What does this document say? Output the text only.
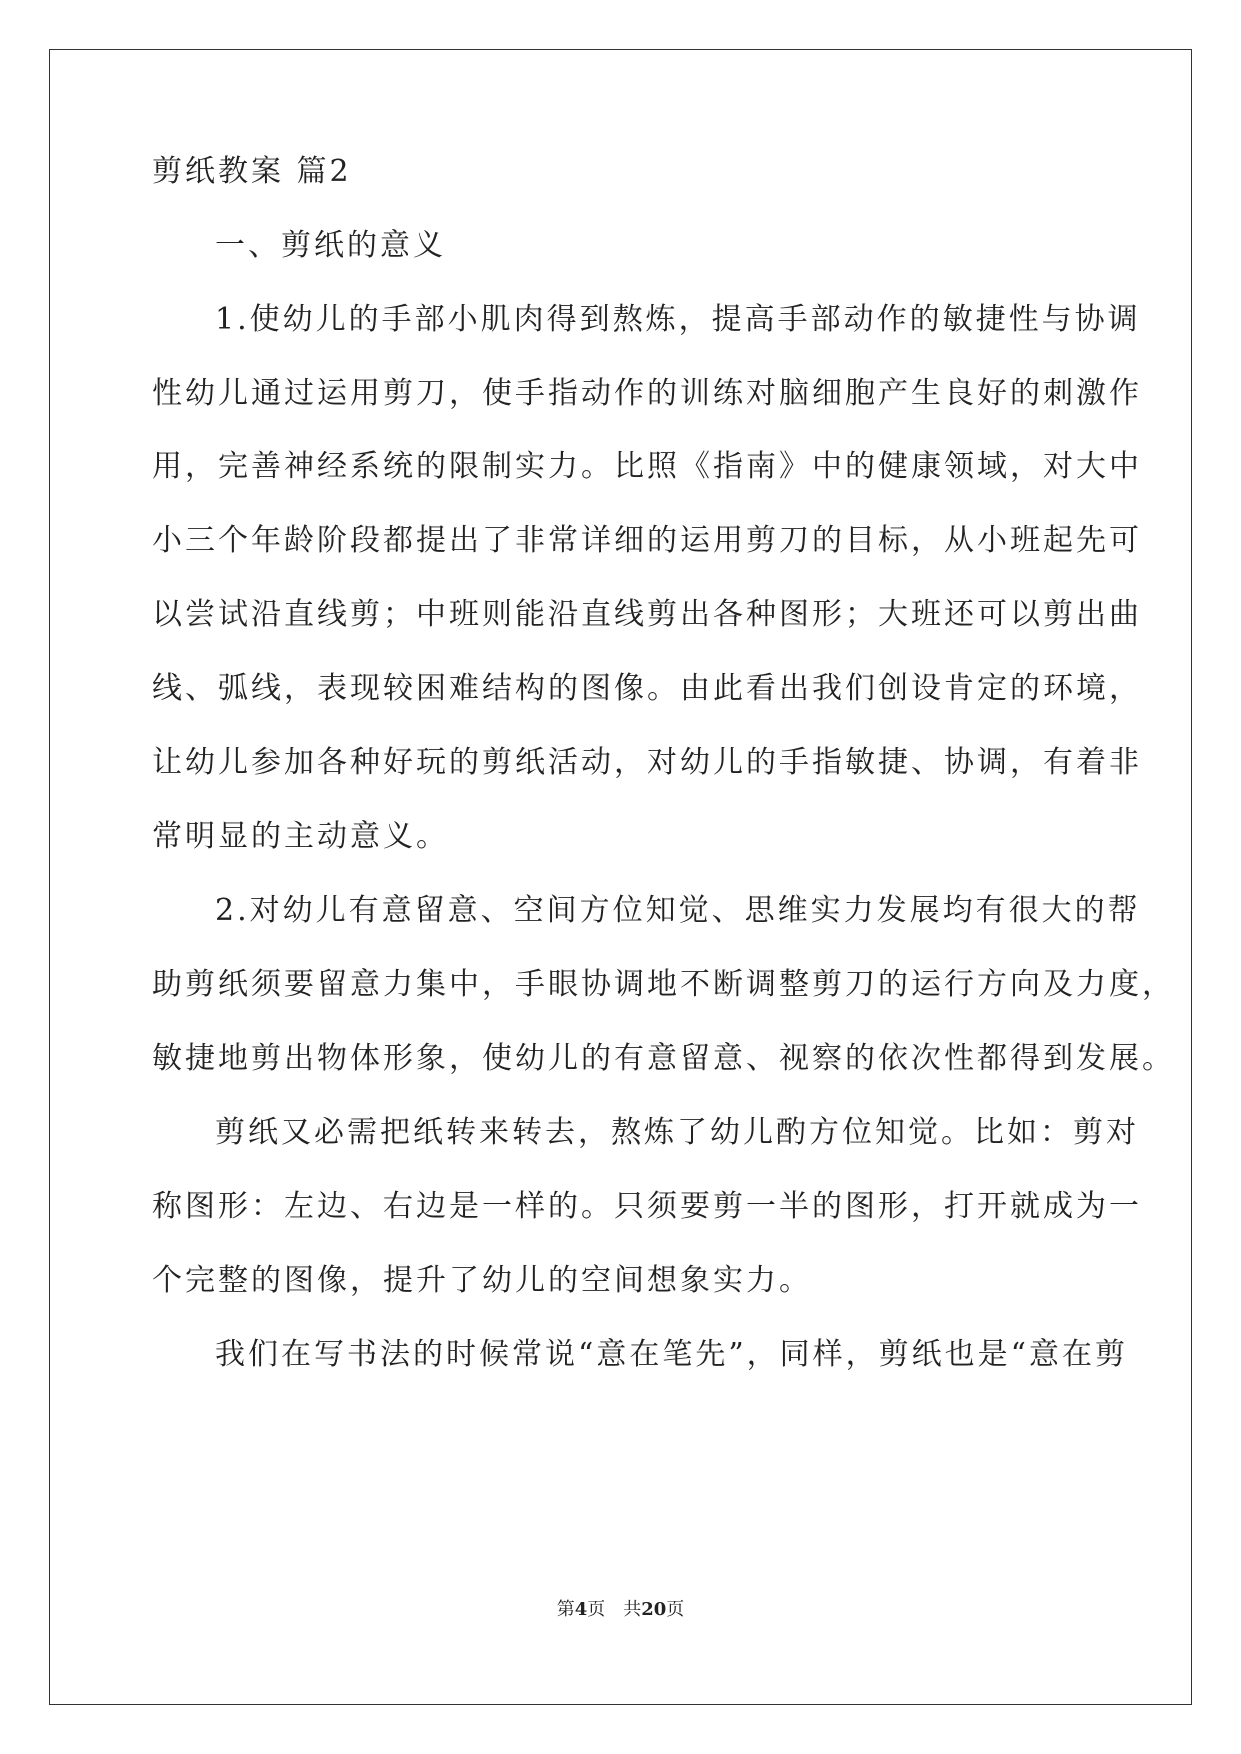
剪纸教案 篇2
一、剪纸的意义
1.使幼儿的手部小肌肉得到熬炼，提高手部动作的敏捷性与协调
性幼儿通过运用剪刀，使手指动作的训练对脑细胞产生良好的刺激作
用，完善神经系统的限制实力。比照《指南》中的健康领域，对大中
小三个年龄阶段都提出了非常详细的运用剪刀的目标，从小班起先可
以尝试沿直线剪；中班则能沿直线剪出各种图形；大班还可以剪出曲
线、弧线，表现较困难结构的图像。由此看出我们创设肯定的环境，
让幼儿参加各种好玩的剪纸活动，对幼儿的手指敏捷、协调，有着非
常明显的主动意义。
2.对幼儿有意留意、空间方位知觉、思维实力发展均有很大的帮
助剪纸须要留意力集中，手眼协调地不断调整剪刀的运行方向及力度，
敏捷地剪出物体形象，使幼儿的有意留意、视察的依次性都得到发展。
剪纸又必需把纸转来转去，熬炼了幼儿酌方位知觉。比如：剪对
称图形：左边、右边是一样的。只须要剪一半的图形，打开就成为一
个完整的图像，提升了幼儿的空间想象实力。
我们在写书法的时候常说“意在笔先”，同样，剪纸也是“意在剪
第4页　共20页
